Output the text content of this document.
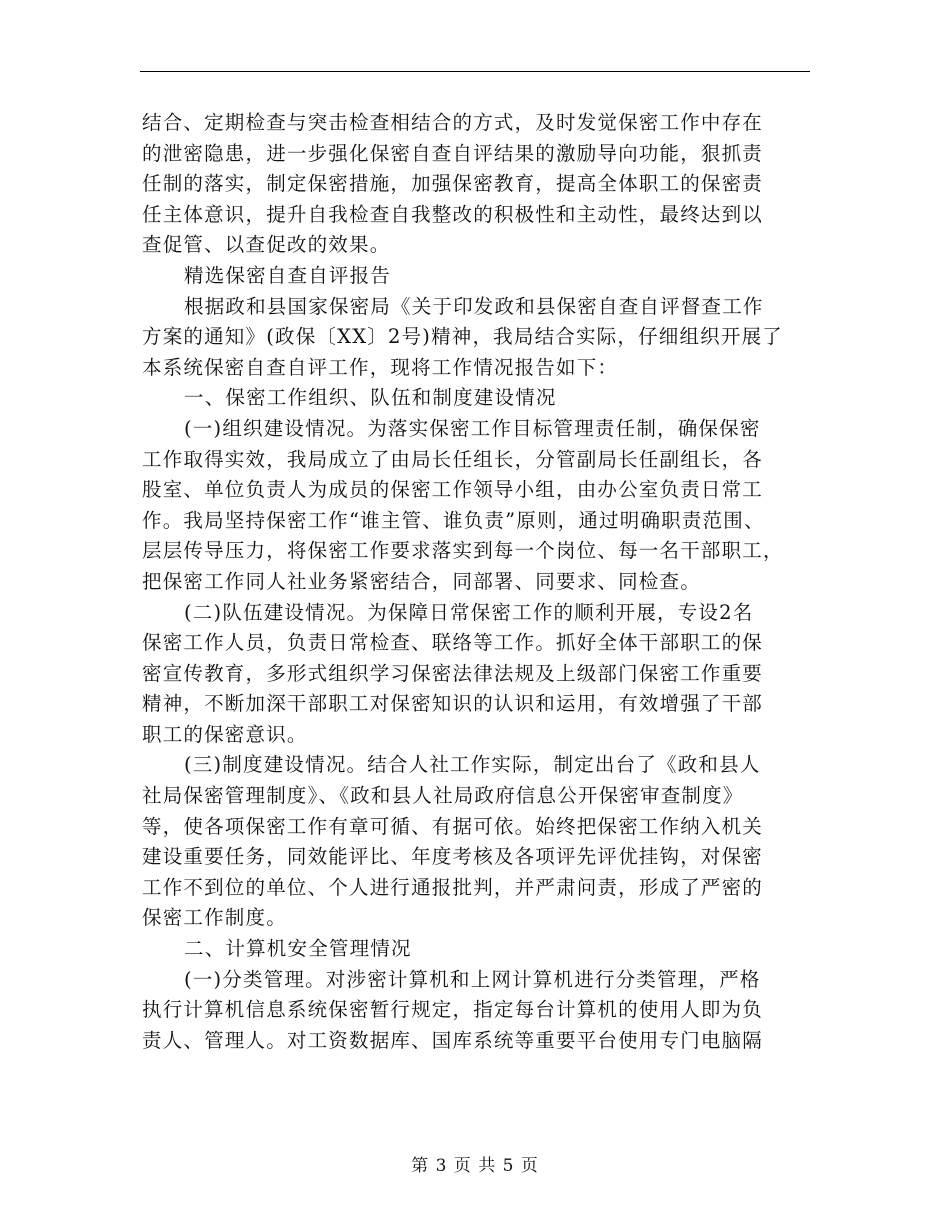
结合、定期检查与突击检查相结合的方式，及时发觉保密工作中存在
的泄密隐患，进一步强化保密自查自评结果的激励导向功能，狠抓责
任制的落实，制定保密措施，加强保密教育，提高全体职工的保密责
任主体意识，提升自我检查自我整改的积极性和主动性，最终达到以
查促管、以查促改的效果。
精选保密自查自评报告
根据政和县国家保密局《关于印发政和县保密自查自评督查工作
方案的通知》(政保〔XX〕2号)精神，我局结合实际，仔细组织开展了
本系统保密自查自评工作，现将工作情况报告如下：
一、保密工作组织、队伍和制度建设情况
(一)组织建设情况。为落实保密工作目标管理责任制，确保保密
工作取得实效，我局成立了由局长任组长，分管副局长任副组长，各
股室、单位负责人为成员的保密工作领导小组，由办公室负责日常工
作。我局坚持保密工作“谁主管、谁负责”原则，通过明确职责范围、
层层传导压力，将保密工作要求落实到每一个岗位、每一名干部职工，
把保密工作同人社业务紧密结合，同部署、同要求、同检查。
(二)队伍建设情况。为保障日常保密工作的顺利开展，专设2名
保密工作人员，负责日常检查、联络等工作。抓好全体干部职工的保
密宣传教育，多形式组织学习保密法律法规及上级部门保密工作重要
精神，不断加深干部职工对保密知识的认识和运用，有效增强了干部
职工的保密意识。
(三)制度建设情况。结合人社工作实际，制定出台了《政和县人
社局保密管理制度》、《政和县人社局政府信息公开保密审查制度》
等，使各项保密工作有章可循、有据可依。始终把保密工作纳入机关
建设重要任务，同效能评比、年度考核及各项评先评优挂钩，对保密
工作不到位的单位、个人进行通报批判，并严肃问责，形成了严密的
保密工作制度。
二、计算机安全管理情况
(一)分类管理。对涉密计算机和上网计算机进行分类管理，严格
执行计算机信息系统保密暂行规定，指定每台计算机的使用人即为负
责人、管理人。对工资数据库、国库系统等重要平台使用专门电脑隔
第 3 页 共 5 页
